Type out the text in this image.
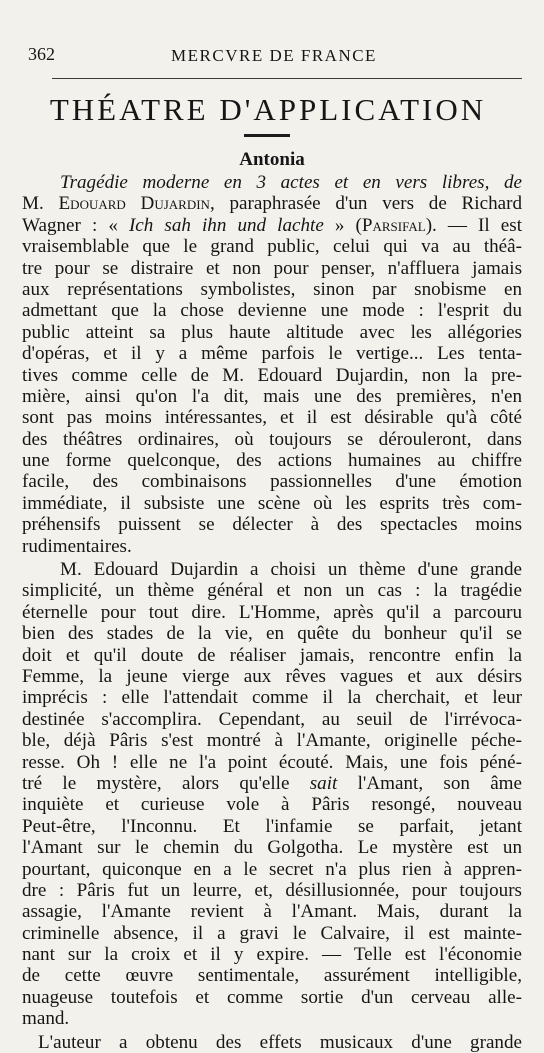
362	MERCVRE DE FRANCE
THÉATRE D'APPLICATION
Antonia
Tragédie moderne en 3 actes et en vers libres, de
M. Edouard Dujardin, paraphrasée d'un vers de Richard
Wagner : « Ich sah ihn und lachte » (Parsifal). — Il est
vraisemblable que le grand public, celui qui va au théâ-
tre pour se distraire et non pour penser, n'affluera jamais
aux représentations symbolistes, sinon par snobisme en
admettant que la chose devienne une mode : l'esprit du
public atteint sa plus haute altitude avec les allégories
d'opéras, et il y a même parfois le vertige... Les tenta-
tives comme celle de M. Edouard Dujardin, non la pre-
mière, ainsi qu'on l'a dit, mais une des premières, n'en
sont pas moins intéressantes, et il est désirable qu'à côté
des théâtres ordinaires, où toujours se dérouleront, dans
une forme quelconque, des actions humaines au chiffre
facile, des combinaisons passionnelles d'une émotion
immédiate, il subsiste une scène où les esprits très com-
préhensifs puissent se délecter à des spectacles moins
rudimentaires.
M. Edouard Dujardin a choisi un thème d'une grande
simplicité, un thème général et non un cas : la tragédie
éternelle pour tout dire. L'Homme, après qu'il a parcouru
bien des stades de la vie, en quête du bonheur qu'il se
doit et qu'il doute de réaliser jamais, rencontre enfin la
Femme, la jeune vierge aux rêves vagues et aux désirs
imprécis : elle l'attendait comme il la cherchait, et leur
destinée s'accomplira. Cependant, au seuil de l'irrévoca-
ble, déjà Pâris s'est montré à l'Amante, originelle péche-
resse. Oh ! elle ne l'a point écouté. Mais, une fois péné-
tré le mystère, alors qu'elle sait l'Amant, son âme
inquiète et curieuse vole à Pâris resongé, nouveau
Peut-être, l'Inconnu. Et l'infamie se parfait, jetant
l'Amant sur le chemin du Golgotha. Le mystère est un
pourtant, quiconque en a le secret n'a plus rien à appren-
dre : Pâris fut un leurre, et, désillusionnée, pour toujours
assagie, l'Amante revient à l'Amant. Mais, durant la
criminelle absence, il a gravi le Calvaire, il est mainte-
nant sur la croix et il y expire. — Telle est l'économie
de cette œuvre sentimentale, assurément intelligible,
nuageuse toutefois et comme sortie d'un cerveau alle-
mand.
L'auteur a obtenu des effets musicaux d'une grande
